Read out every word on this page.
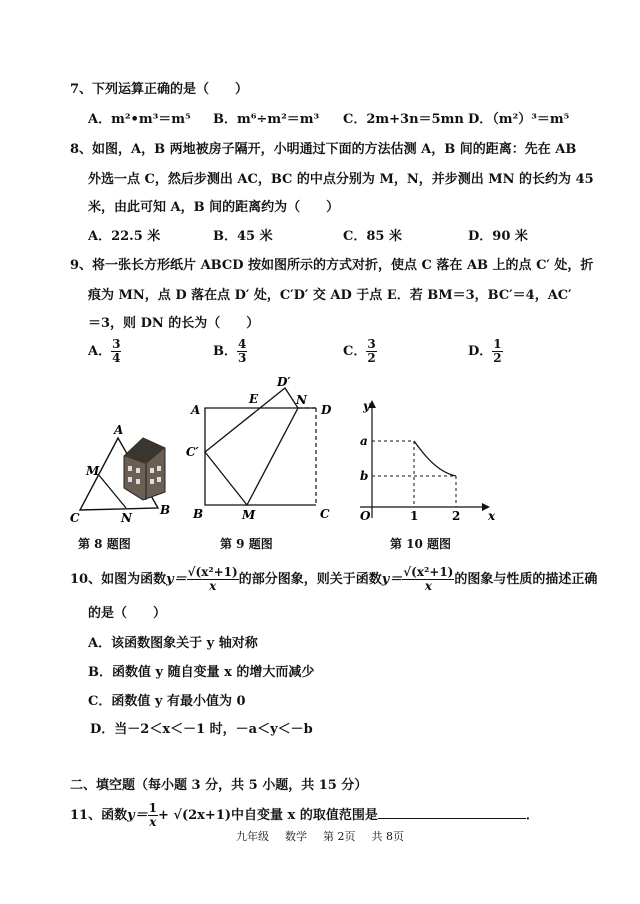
7、下列运算正确的是（　　）
A．m²•m³＝m⁵ B．m⁶÷m²＝m³ C．2m+3n＝5mn D．（m²）³＝m⁵
8、如图，A，B 两地被房子隔开，小明通过下面的方法估测 A，B 间的距离：先在 AB
外选一点 C，然后步测出 AC，BC 的中点分别为 M，N，并步测出 MN 的长约为 45
米，由此可知 A，B 间的距离约为（　　）
A．22.5 米	B．45 米	C．85 米	D．90 米
9、将一张长方形纸片 ABCD 按如图所示的方式对折，使点 C 落在 AB 上的点 C′ 处，折
痕为 MN，点 D 落在点 D′ 处，C′D′ 交 AD 于点 E．若 BM＝3，BC′＝4，AC′
＝3，则 DN 的长为（　　）
A． $\frac{3}{4}$	B． $\frac{4}{3}$	C． $\frac{3}{2}$	D． $\frac{1}{2}$
A
M
C	N
B
D′
A
E	N
D
C′
B	M	C
y
a
b
O	1	2 x
第 8 题图	第 9 题图	第 10 题图
10、如图为函数$y= \frac{\text{√(x²+1)}}{x}$ 的部分图象，则关于函数$y= \frac{\text{√(x²+1)}}{x}$ 的图象与性质的描述正确
的是（　　）
A．该函数图象关于 y 轴对称
B．函数值 y 随自变量 x 的增大而减少
C．函数值 y 有最小值为 0
D．当－2＜x＜－1 时，－a＜y＜－b
二、填空题（每小题 3 分，共 5 小题，共 15 分）
11、函数$y= \frac{1}{x} + √(2x+1)$中自变量 x 的取值范围是	．
九年级 数学 第 2页 共 8页
